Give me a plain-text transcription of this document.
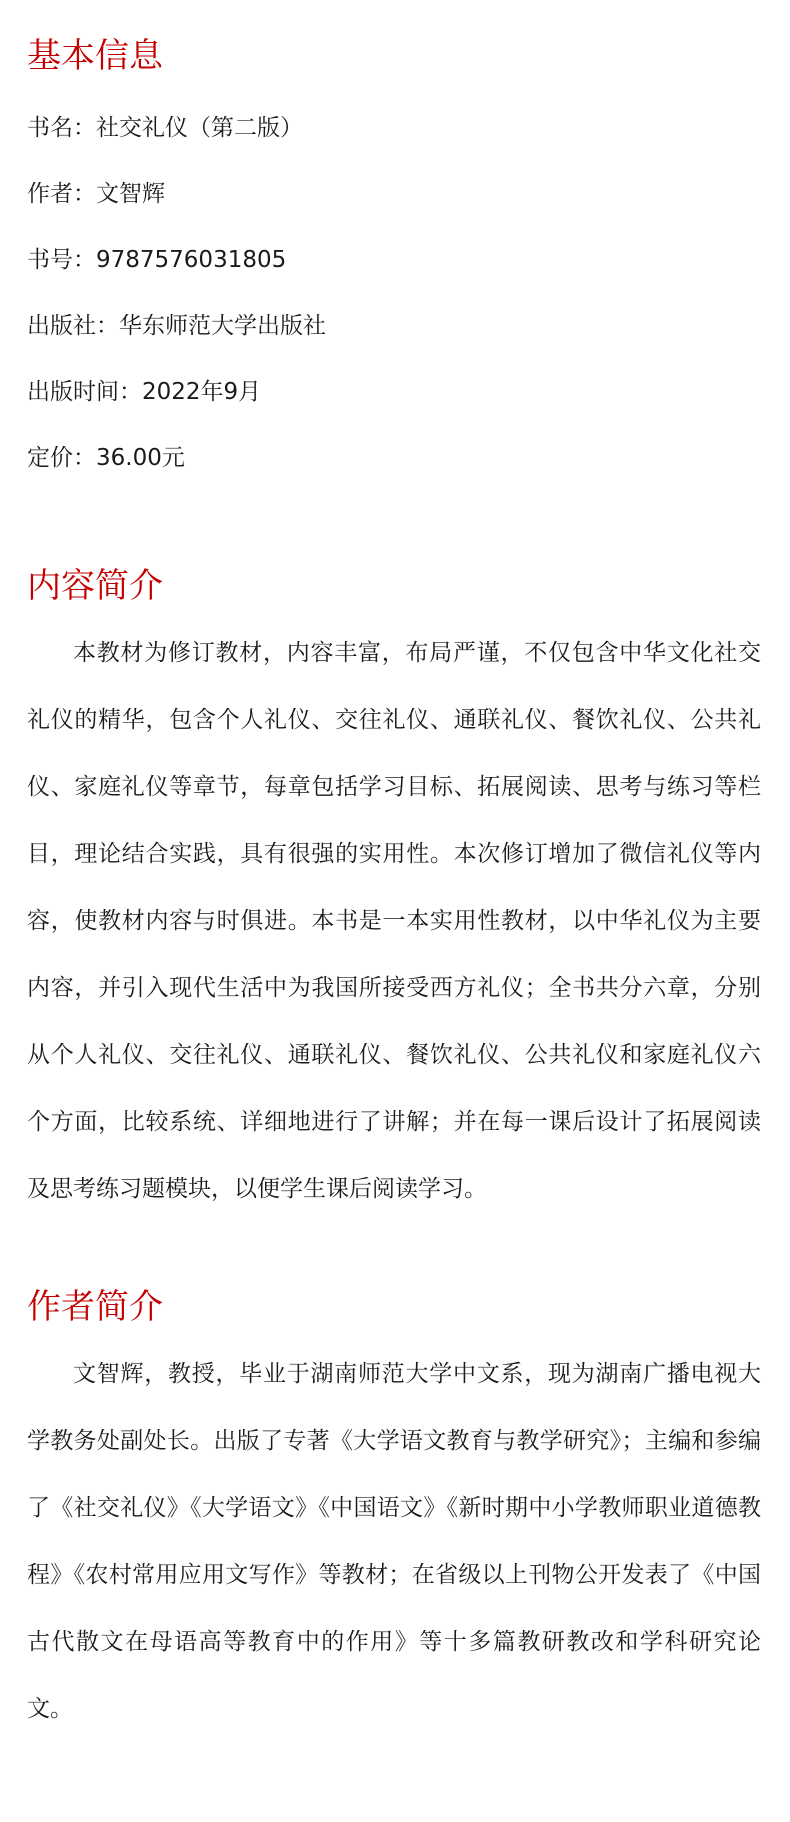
基本信息

书名：社交礼仪（第二版）

作者：文智辉

书号：9787576031805

出版社：华东师范大学出版社

出版时间：2022年9月

定价：36.00元

内容简介

本教材为修订教材，内容丰富，布局严谨，不仅包含中华文化社交礼仪的精华，包含个人礼仪、交往礼仪、通联礼仪、餐饮礼仪、公共礼仪、家庭礼仪等章节，每章包括学习目标、拓展阅读、思考与练习等栏目，理论结合实践，具有很强的实用性。本次修订增加了微信礼仪等内容，使教材内容与时俱进。本书是一本实用性教材，以中华礼仪为主要内容，并引入现代生活中为我国所接受西方礼仪；全书共分六章，分别从个人礼仪、交往礼仪、通联礼仪、餐饮礼仪、公共礼仪和家庭礼仪六个方面，比较系统、详细地进行了讲解；并在每一课后设计了拓展阅读及思考练习题模块，以便学生课后阅读学习。

作者简介

文智辉，教授，毕业于湖南师范大学中文系，现为湖南广播电视大学教务处副处长。出版了专著《大学语文教育与教学研究》；主编和参编了《社交礼仪》《大学语文》《中国语文》《新时期中小学教师职业道德教程》《农村常用应用文写作》等教材；在省级以上刊物公开发表了《中国古代散文在母语高等教育中的作用》等十多篇教研教改和学科研究论文。
